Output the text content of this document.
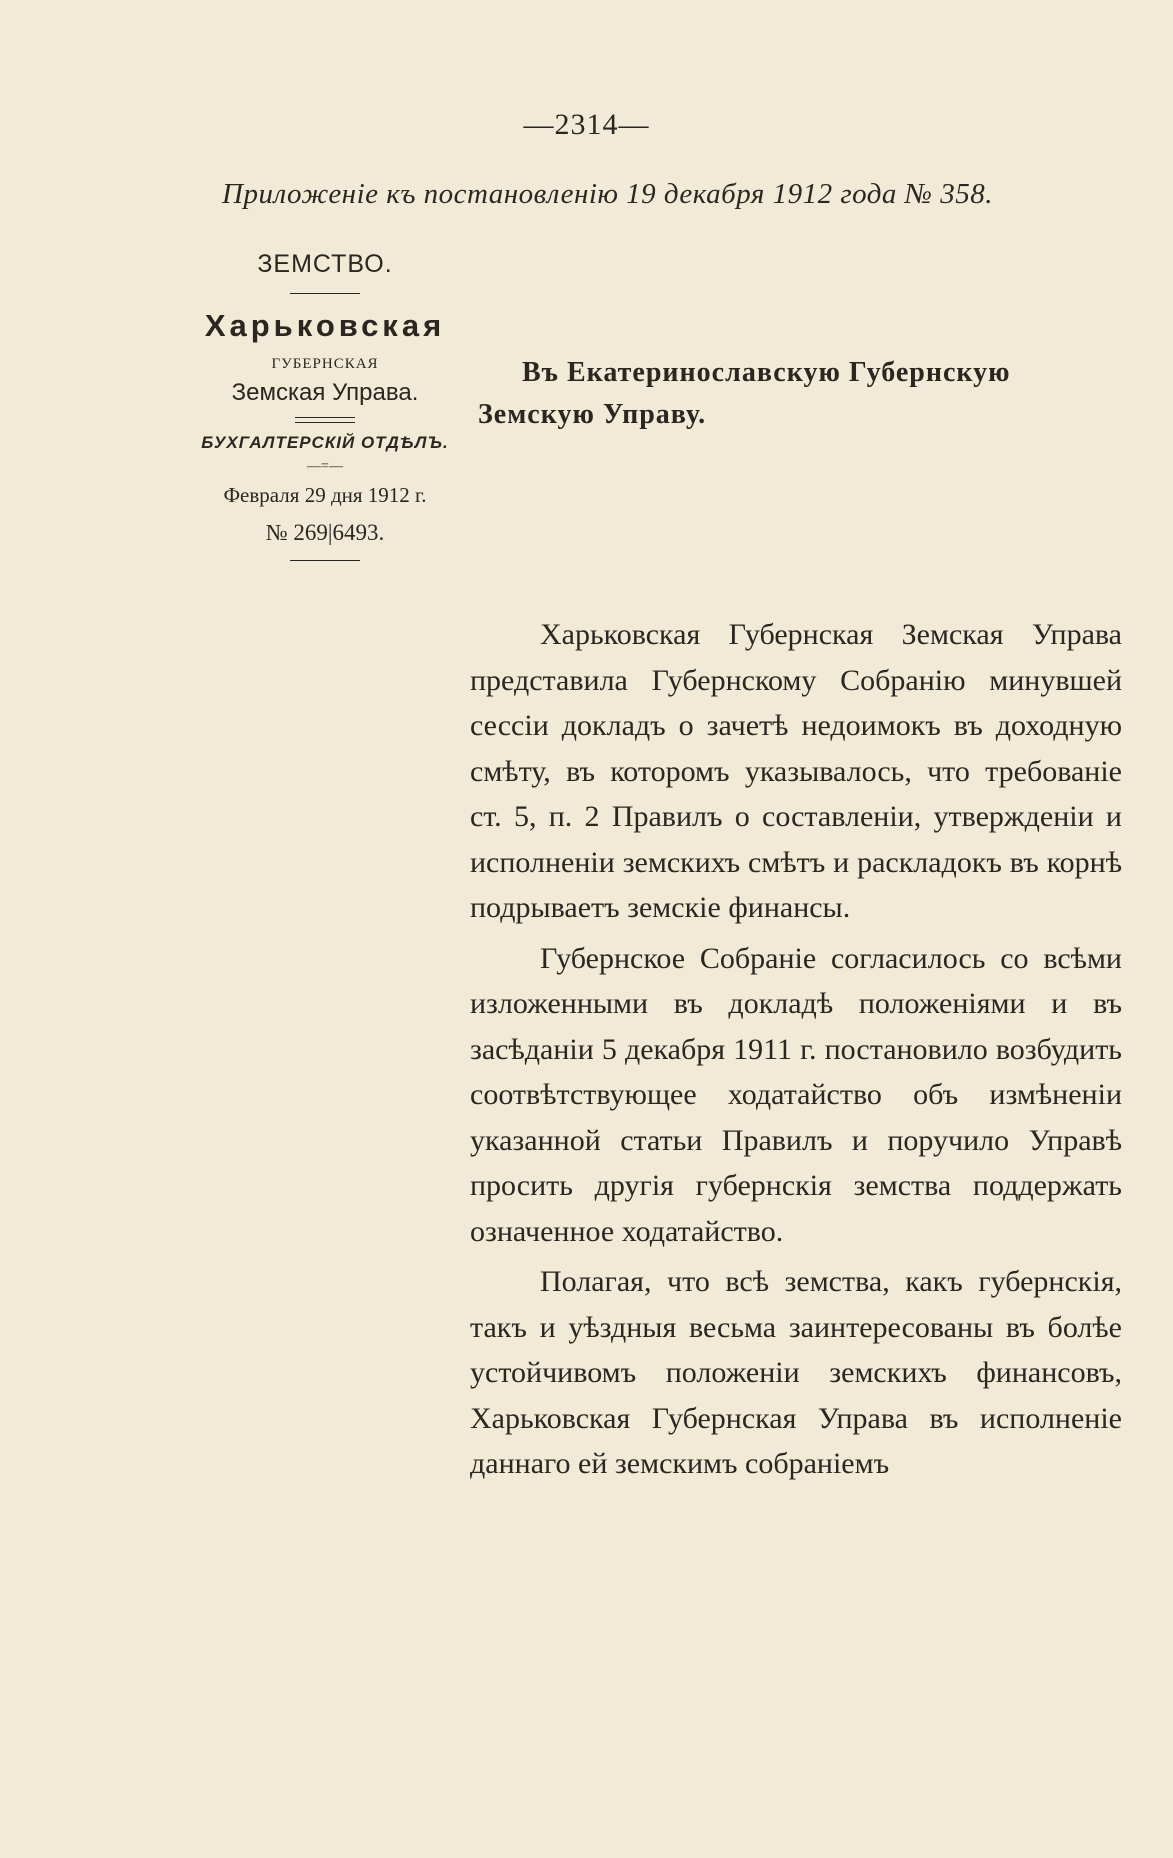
—2314—
Приложеніе къ постановленію 19 декабря 1912 года № 358.
ЗЕМСТВО.
Харьковская
ГУБЕРНСКАЯ
Земская Управа.
БУХГАЛТЕРСКІЙ ОТДѢЛЪ.
—=—
Февраля 29 дня 1912 г.
№ 269|6493.
Въ Екатеринославскую Губернскую
Земскую Управу.

Харьковская Губернская Земская Управа представила Губернскому Собранію минувшей сессіи докладъ о зачетѣ недоимокъ въ доходную смѣту, въ которомъ указывалось, что требованіе ст. 5, п. 2 Правилъ о составленіи, утвержденіи и исполненіи земскихъ смѣтъ и раскладокъ въ корнѣ подрываетъ земскіе финансы.

Губернское Собраніе согласилось со всѣми изложенными въ докладѣ положеніями и въ засѣданіи 5 декабря 1911 г. постановило возбудить соотвѣтствующее ходатайство объ измѣненіи указанной статьи Правилъ и поручило Управѣ просить другія губернскія земства поддержать означенное ходатайство.

Полагая, что всѣ земства, какъ губернскія, такъ и уѣздныя весьма заинтересованы въ болѣе устойчивомъ положеніи земскихъ финансовъ, Харьковская Губернская Управа въ исполненіе даннаго ей земскимъ собраніемъ
